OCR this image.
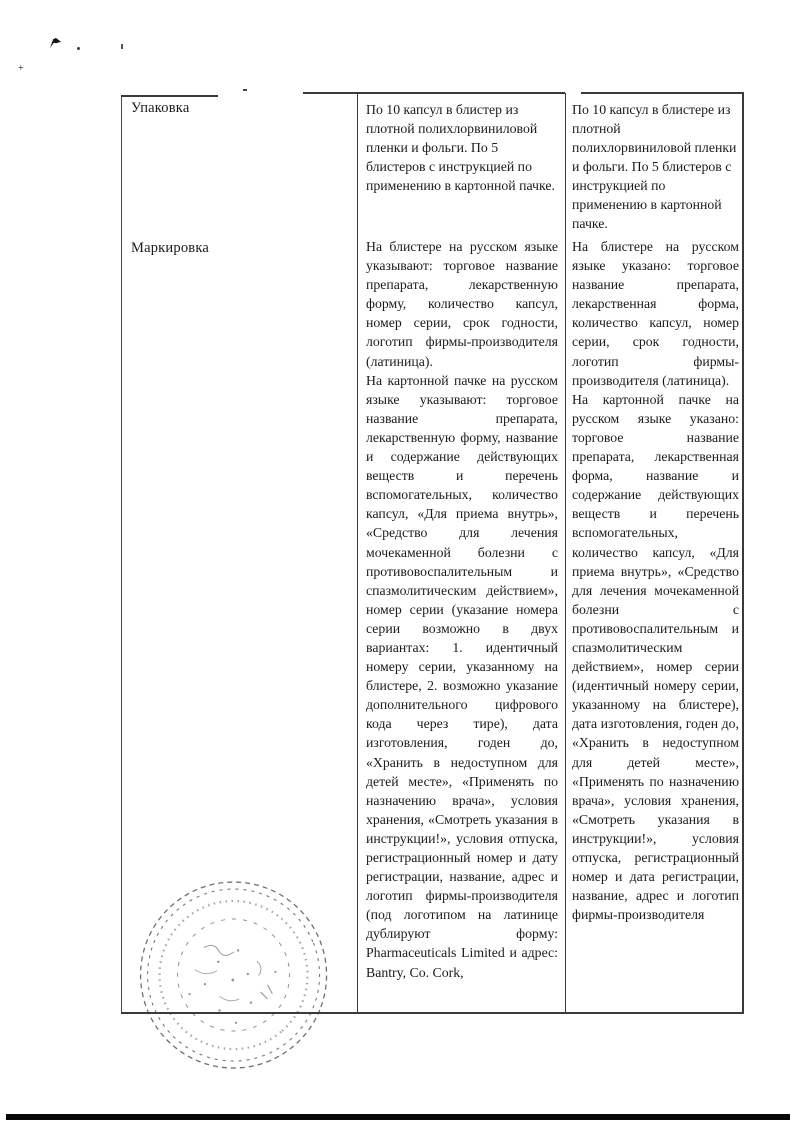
+
Упаковка
Маркировка
По 10 капсул в блистер из плотной полихлорвиниловой пленки и фольги. По 5 блистеров с инструкцией по применению в картонной пачке.
По 10 капсул в блистере из плотной полихлорвиниловой пленки и фольги. По 5 блистеров с инструкцией по применению в картонной пачке.

На блистере на русском языке указывают: торговое название препарата, лекарственную форму, количество капсул, номер серии, срок годности, логотип фирмы-производителя (латиница).

На картонной пачке на русском языке указывают: торговое название препарата, лекарственную форму, название и содержание действующих веществ и перечень вспомогательных, количество капсул, «Для приема внутрь», «Средство для лечения мочекаменной болезни с противовоспалительным и спазмолитическим действием», номер серии (указание номера серии возможно в двух вариантах: 1. идентичный номеру серии, указанному на блистере, 2. возможно указание дополнительного цифрового кода через тире), дата изготовления, годен до, «Хранить в недоступном для детей месте», «Применять по назначению врача», условия хранения, «Смотреть указания в инструкции!», условия отпуска, регистрационный номер и дату регистрации, название, адрес и логотип фирмы-производителя (под логотипом на латинице дублируют форму: Pharmaceuticals Limited и адрес: Bantry, Co. Cork,

На блистере на русском языке указано: торговое название препарата, лекарственная форма, количество капсул, номер серии, срок годности, логотип фирмы-производителя (латиница).

На картонной пачке на русском языке указано: торговое название препарата, лекарственная форма, название и содержание действующих веществ и перечень вспомогательных, количество капсул, «Для приема внутрь», «Средство для лечения мочекаменной болезни с противовоспалительным и спазмолитическим действием», номер серии (идентичный номеру серии, указанному на блистере), дата изготовления, годен до, «Хранить в недоступном для детей месте», «Применять по назначению врача», условия хранения, «Смотреть указания в инструкции!», условия отпуска, регистрационный номер и дата регистрации, название, адрес и логотип фирмы-производителя
